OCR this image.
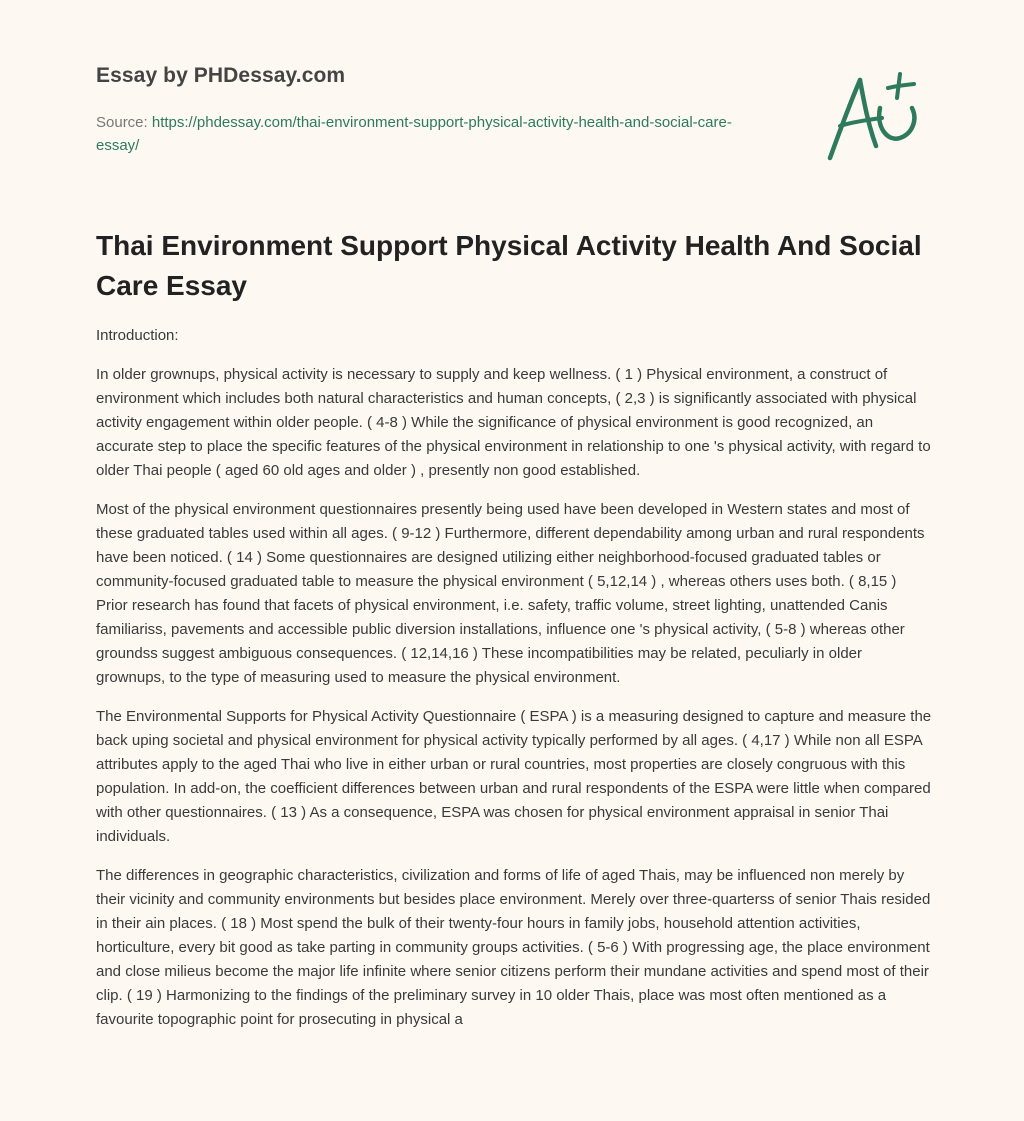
Essay by PHDessay.com
Source: https://phdessay.com/thai-environment-support-physical-activity-health-and-social-care-essay/
Thai Environment Support Physical Activity Health And Social Care Essay

Introduction:

In older grownups, physical activity is necessary to supply and keep wellness. ( 1 ) Physical environment, a construct of environment which includes both natural characteristics and human concepts, ( 2,3 ) is significantly associated with physical activity engagement within older people. ( 4-8 ) While the significance of physical environment is good recognized, an accurate step to place the specific features of the physical environment in relationship to one 's physical activity, with regard to older Thai people ( aged 60 old ages and older ) , presently non good established.

Most of the physical environment questionnaires presently being used have been developed in Western states and most of these graduated tables used within all ages. ( 9-12 ) Furthermore, different dependability among urban and rural respondents have been noticed. ( 14 ) Some questionnaires are designed utilizing either neighborhood-focused graduated tables or community-focused graduated table to measure the physical environment ( 5,12,14 ) , whereas others uses both. ( 8,15 ) Prior research has found that facets of physical environment, i.e. safety, traffic volume, street lighting, unattended Canis familiariss, pavements and accessible public diversion installations, influence one 's physical activity, ( 5-8 ) whereas other groundss suggest ambiguous consequences. ( 12,14,16 ) These incompatibilities may be related, peculiarly in older grownups, to the type of measuring used to measure the physical environment.

The Environmental Supports for Physical Activity Questionnaire ( ESPA ) is a measuring designed to capture and measure the back uping societal and physical environment for physical activity typically performed by all ages. ( 4,17 ) While non all ESPA attributes apply to the aged Thai who live in either urban or rural countries, most properties are closely congruous with this population. In add-on, the coefficient differences between urban and rural respondents of the ESPA were little when compared with other questionnaires. ( 13 ) As a consequence, ESPA was chosen for physical environment appraisal in senior Thai individuals.

The differences in geographic characteristics, civilization and forms of life of aged Thais, may be influenced non merely by their vicinity and community environments but besides place environment. Merely over three-quarterss of senior Thais resided in their ain places. ( 18 ) Most spend the bulk of their twenty-four hours in family jobs, household attention activities, horticulture, every bit good as take parting in community groups activities. ( 5-6 ) With progressing age, the place environment and close milieus become the major life infinite where senior citizens perform their mundane activities and spend most of their clip. ( 19 ) Harmonizing to the findings of the preliminary survey in 10 older Thais, place was most often mentioned as a favourite topographic point for prosecuting in physical a
